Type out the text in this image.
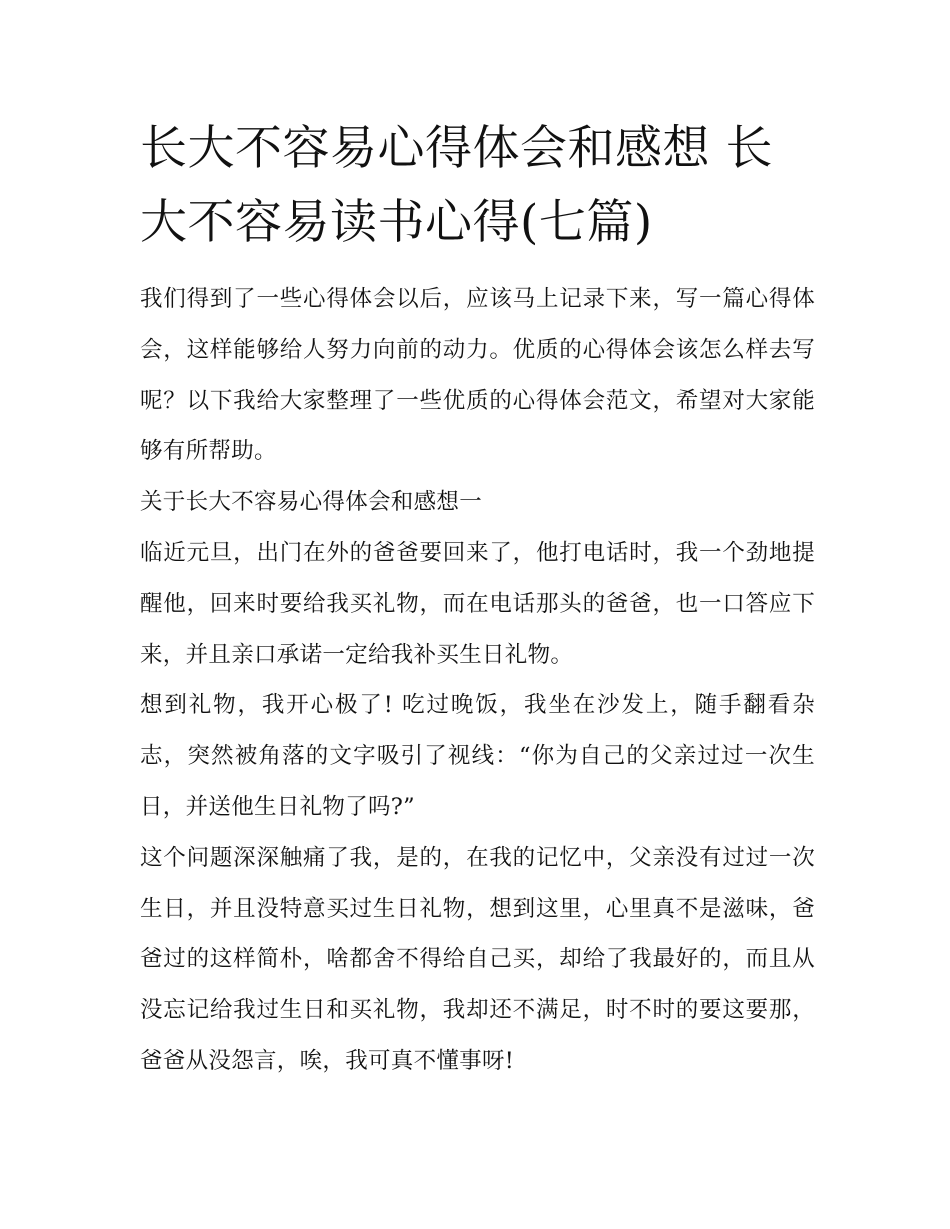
长大不容易心得体会和感想 长大不容易读书心得(七篇)

我们得到了一些心得体会以后，应该马上记录下来，写一篇心得体会，这样能够给人努力向前的动力。优质的心得体会该怎么样去写呢？以下我给大家整理了一些优质的心得体会范文，希望对大家能够有所帮助。

关于长大不容易心得体会和感想一

临近元旦，出门在外的爸爸要回来了，他打电话时，我一个劲地提醒他，回来时要给我买礼物，而在电话那头的爸爸，也一口答应下来，并且亲口承诺一定给我补买生日礼物。

想到礼物，我开心极了! 吃过晚饭，我坐在沙发上，随手翻看杂志，突然被角落的文字吸引了视线：“你为自己的父亲过过一次生日，并送他生日礼物了吗?”

这个问题深深触痛了我，是的，在我的记忆中，父亲没有过过一次生日，并且没特意买过生日礼物，想到这里，心里真不是滋味，爸爸过的这样简朴，啥都舍不得给自己买，却给了我最好的，而且从没忘记给我过生日和买礼物，我却还不满足，时不时的要这要那，爸爸从没怨言，唉，我可真不懂事呀!
